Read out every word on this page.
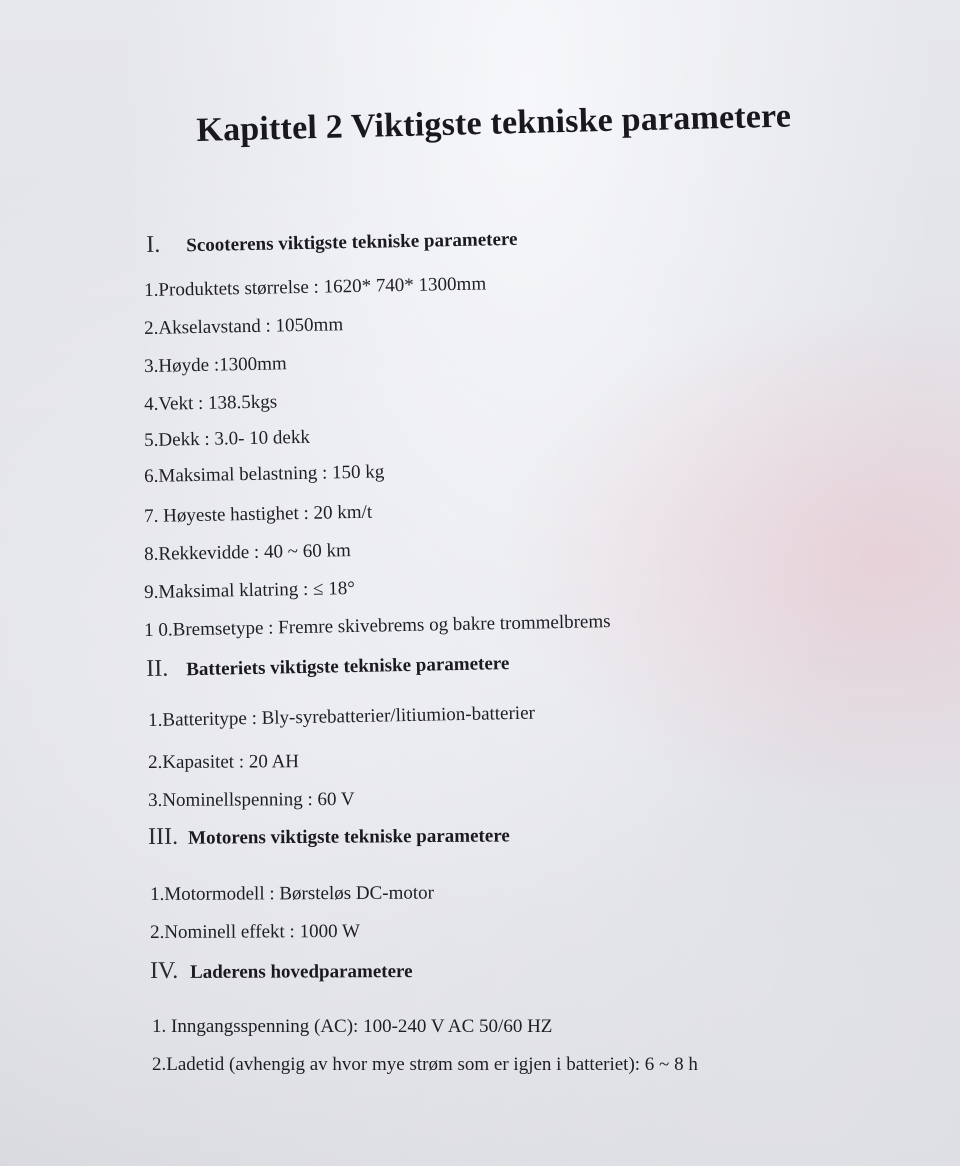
Kapittel 2 Viktigste tekniske parametere
I. Scooterens viktigste tekniske parametere
1.Produktets størrelse : 1620* 740* 1300mm
2.Akselavstand : 1050mm
3.Høyde :1300mm
4.Vekt : 138.5kgs
5.Dekk : 3.0- 10 dekk
6.Maksimal belastning : 150 kg
7. Høyeste hastighet : 20 km/t
8.Rekkevidde : 40 ~ 60 km
9.Maksimal klatring : ≤ 18°
1 0.Bremsetype : Fremre skivebrems og bakre trommelbrems
II. Batteriets viktigste tekniske parametere
1.Batteritype : Bly-syrebatterier/litiumion-batterier
2.Kapasitet : 20 AH
3.Nominellspenning : 60 V
III. Motorens viktigste tekniske parametere
1.Motormodell : Børsteløs DC-motor
2.Nominell effekt : 1000 W
IV. Laderens hovedparametere
1. Inngangsspenning (AC): 100-240 V AC 50/60 HZ
2.Ladetid (avhengig av hvor mye strøm som er igjen i batteriet): 6 ~ 8 h
